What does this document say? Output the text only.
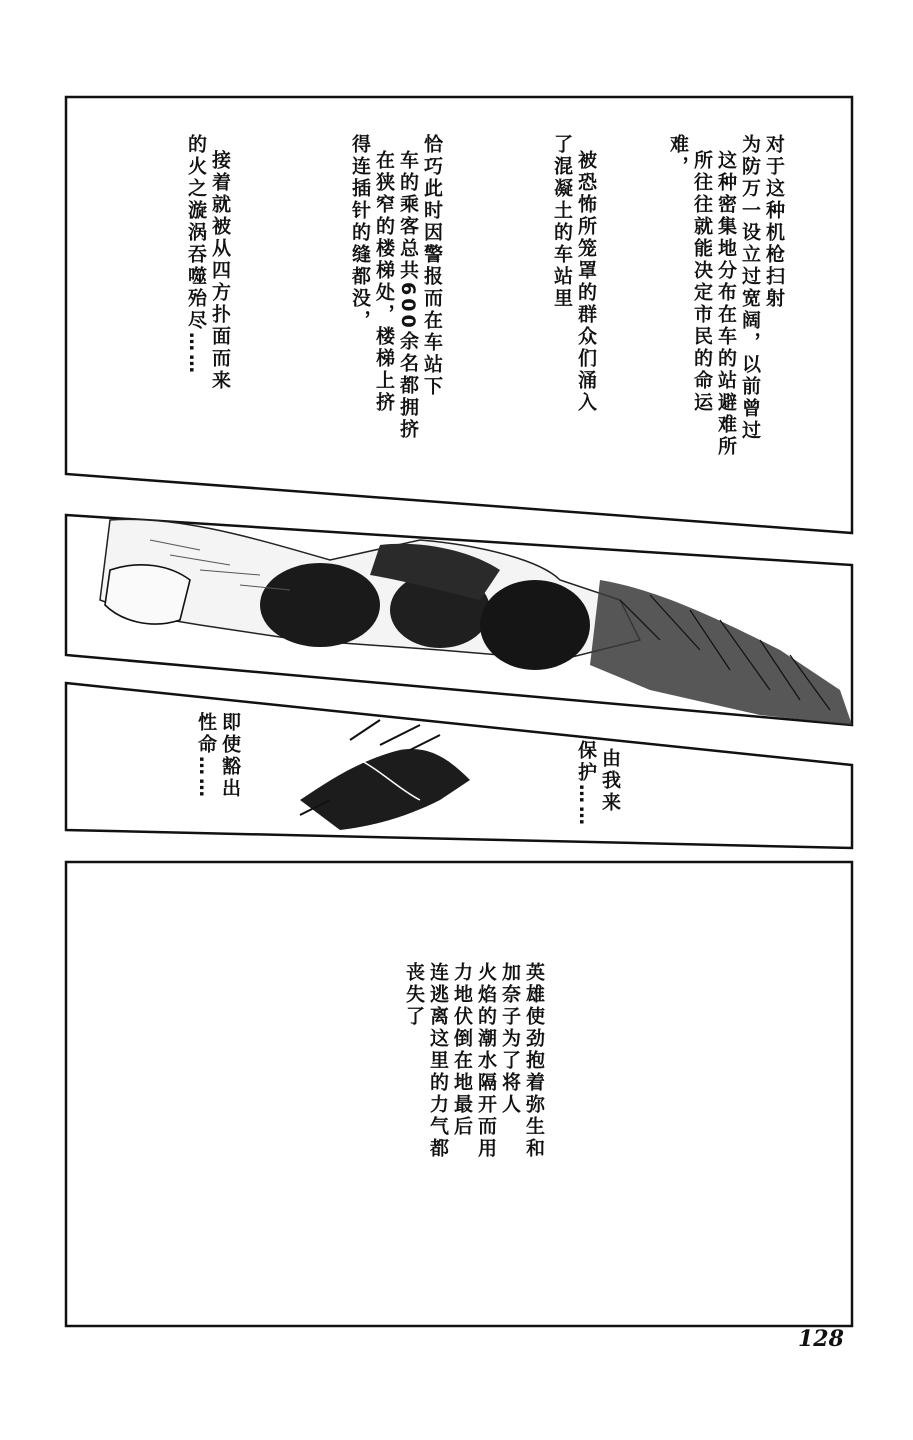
对于这种机枪扫射
为防万一设立过宽阔，以前曾过
这种密集地分布在车的站避难所
所往往就能决定市民的命运
难，
被恐怖所笼罩的群众们涌入
了混凝土的车站里
恰巧此时因警报而在车站下
车的乘客总共600余名都拥挤
在狭窄的楼梯处，楼梯上挤
得连插针的缝都没，
接着就被从四方扑面而来
的火之漩涡吞噬殆尽……
由我来
保护……
即使豁出
性命……
英雄使劲抱着弥生和
加奈子为了将人
火焰的潮水隔开而用
力地伏倒在地最后
连逃离这里的力气都
丧失了
128
